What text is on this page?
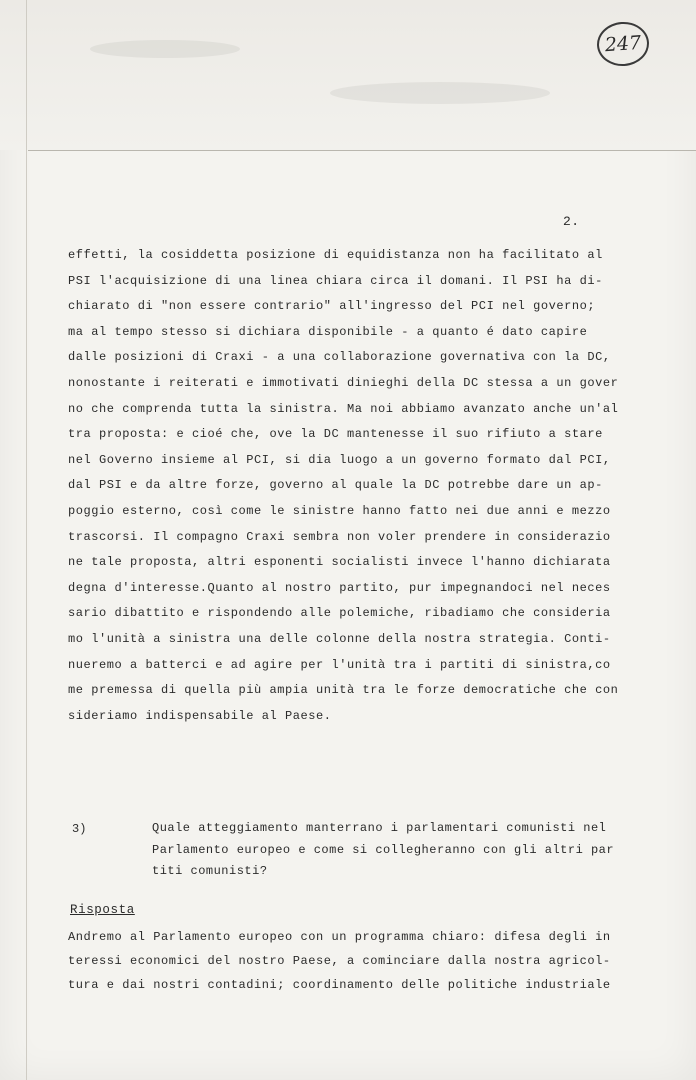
247
2.
effetti, la cosiddetta posizione di equidistanza non ha facilitato al
PSI l'acquisizione di una linea chiara circa il domani. Il PSI ha di-
chiarato di "non essere contrario" all'ingresso del PCI nel governo;
ma al tempo stesso si dichiara disponibile - a quanto é dato capire
dalle posizioni di Craxi - a una collaborazione governativa con la DC,
nonostante i reiterati e immotivati dinieghi della DC stessa a un gover
no che comprenda tutta la sinistra. Ma noi abbiamo avanzato anche un'al
tra proposta: e cioé che, ove la DC mantenesse il suo rifiuto a stare
nel Governo insieme al PCI, si dia luogo a un governo formato dal PCI,
dal PSI e da altre forze, governo al quale la DC potrebbe dare un ap-
poggio esterno, così come le sinistre hanno fatto nei due anni e mezzo
trascorsi. Il compagno Craxi sembra non voler prendere in considerazio
ne tale proposta, altri esponenti socialisti invece l'hanno dichiarata
degna d'interesse.Quanto al nostro partito, pur impegnandoci nel neces
sario dibattito e rispondendo alle polemiche, ribadiamo che consideria
mo l'unità a sinistra una delle colonne della nostra strategia. Conti-
nueremo a batterci e ad agire per l'unità tra i partiti di sinistra,co
me premessa di quella più ampia unità tra le forze democratiche che con
sideriamo indispensabile al Paese.
3)	Quale atteggiamento manterrano i parlamentari comunisti nel
Parlamento europeo e come si collegheranno con gli altri par
titi comunisti?
Risposta
Andremo al Parlamento europeo con un programma chiaro: difesa degli in
teressi economici del nostro Paese, a cominciare dalla nostra agricol-
tura e dai nostri contadini; coordinamento delle politiche industriale
